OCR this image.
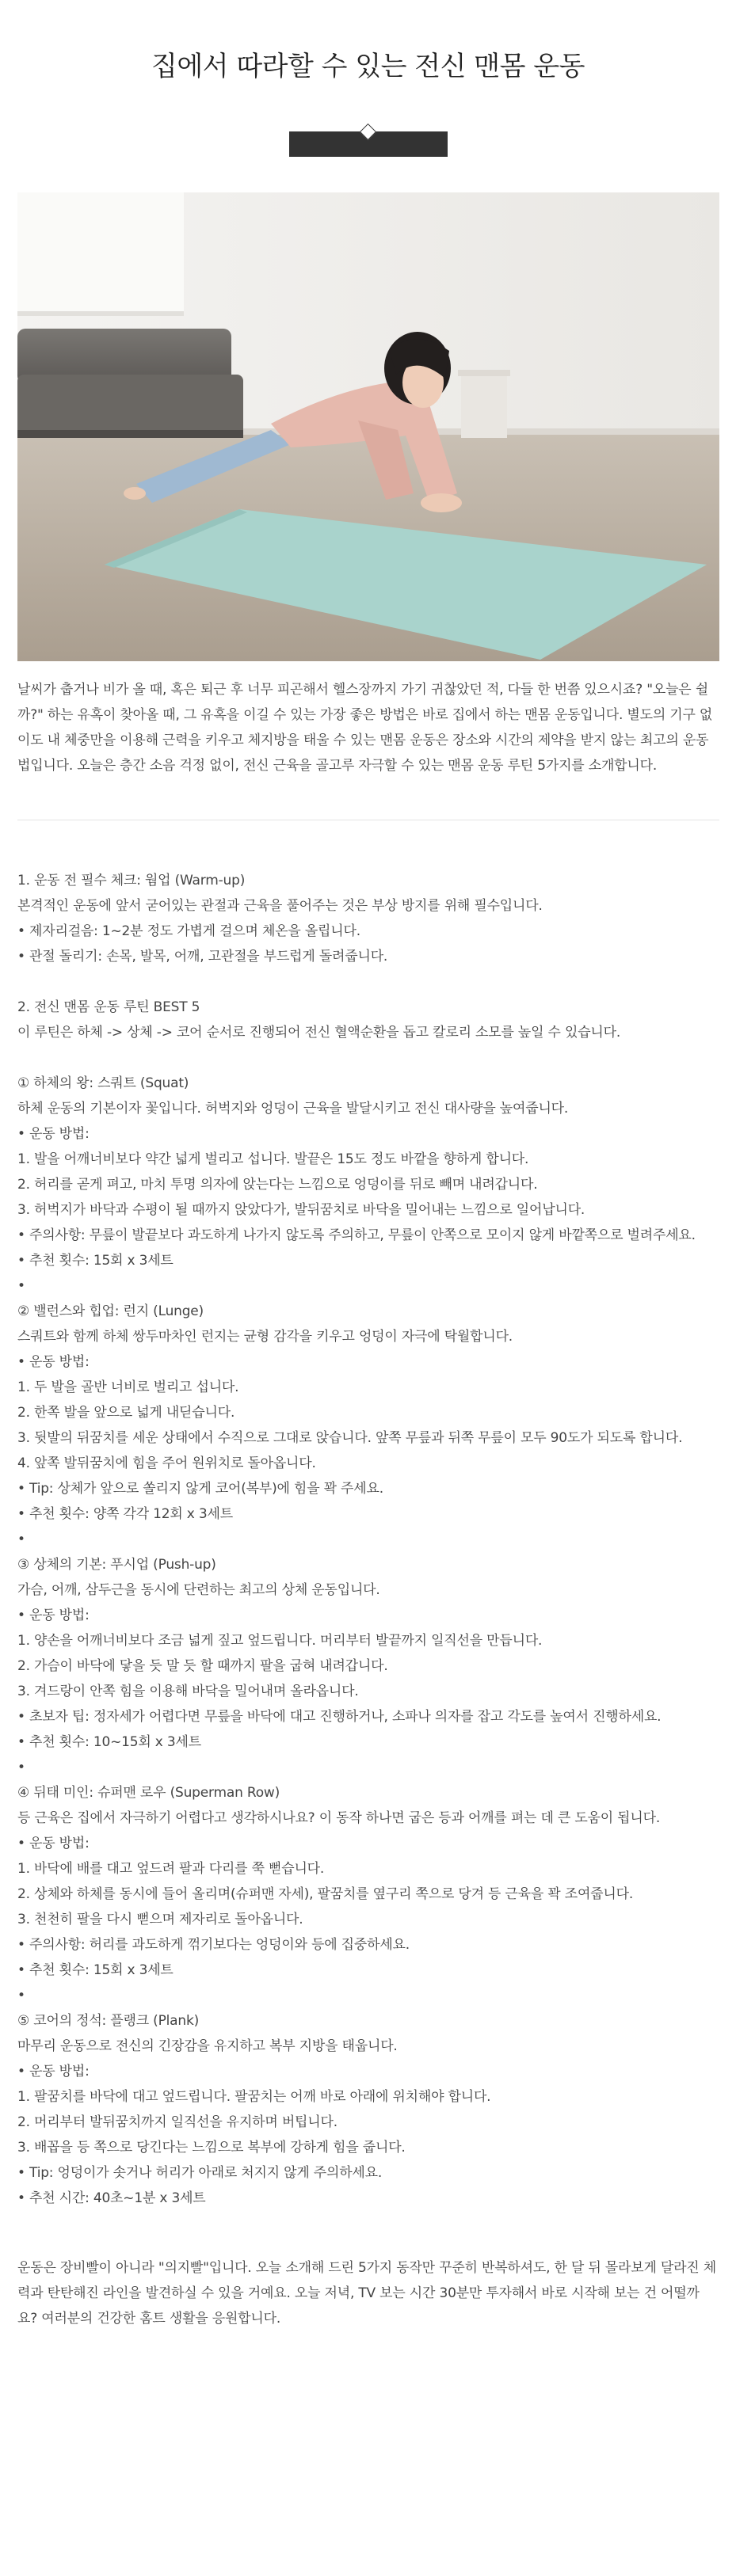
집에서 따라할 수 있는 전신 맨몸 운동

날씨가 춥거나 비가 올 때, 혹은 퇴근 후 너무 피곤해서 헬스장까지 가기 귀찮았던 적, 다들 한 번쯤 있으시죠? "오늘은 쉴까?" 하는 유혹이 찾아올 때, 그 유혹을 이길 수 있는 가장 좋은 방법은 바로 집에서 하는 맨몸 운동입니다. 별도의 기구 없이도 내 체중만을 이용해 근력을 키우고 체지방을 태울 수 있는 맨몸 운동은 장소와 시간의 제약을 받지 않는 최고의 운동법입니다. 오늘은 층간 소음 걱정 없이, 전신 근육을 골고루 자극할 수 있는 맨몸 운동 루틴 5가지를 소개합니다.

1. 운동 전 필수 체크: 웜업 (Warm-up)
본격적인 운동에 앞서 굳어있는 관절과 근육을 풀어주는 것은 부상 방지를 위해 필수입니다.
• 제자리걸음: 1~2분 정도 가볍게 걸으며 체온을 올립니다.
• 관절 돌리기: 손목, 발목, 어깨, 고관절을 부드럽게 돌려줍니다.
2. 전신 맨몸 운동 루틴 BEST 5
이 루틴은 하체 -> 상체 -> 코어 순서로 진행되어 전신 혈액순환을 돕고 칼로리 소모를 높일 수 있습니다.
① 하체의 왕: 스쿼트 (Squat)
하체 운동의 기본이자 꽃입니다. 허벅지와 엉덩이 근육을 발달시키고 전신 대사량을 높여줍니다.
• 운동 방법:
1. 발을 어깨너비보다 약간 넓게 벌리고 섭니다. 발끝은 15도 정도 바깥을 향하게 합니다.
2. 허리를 곧게 펴고, 마치 투명 의자에 앉는다는 느낌으로 엉덩이를 뒤로 빼며 내려갑니다.
3. 허벅지가 바닥과 수평이 될 때까지 앉았다가, 발뒤꿈치로 바닥을 밀어내는 느낌으로 일어납니다.
• 주의사항: 무릎이 발끝보다 과도하게 나가지 않도록 주의하고, 무릎이 안쪽으로 모이지 않게 바깥쪽으로 벌려주세요.
• 추천 횟수: 15회 x 3세트
•
② 밸런스와 힙업: 런지 (Lunge)
스쿼트와 함께 하체 쌍두마차인 런지는 균형 감각을 키우고 엉덩이 자극에 탁월합니다.
• 운동 방법:
1. 두 발을 골반 너비로 벌리고 섭니다.
2. 한쪽 발을 앞으로 넓게 내딛습니다.
3. 뒷발의 뒤꿈치를 세운 상태에서 수직으로 그대로 앉습니다. 앞쪽 무릎과 뒤쪽 무릎이 모두 90도가 되도록 합니다.
4. 앞쪽 발뒤꿈치에 힘을 주어 원위치로 돌아옵니다.
• Tip: 상체가 앞으로 쏠리지 않게 코어(복부)에 힘을 꽉 주세요.
• 추천 횟수: 양쪽 각각 12회 x 3세트
•
③ 상체의 기본: 푸시업 (Push-up)
가슴, 어깨, 삼두근을 동시에 단련하는 최고의 상체 운동입니다.
• 운동 방법:
1. 양손을 어깨너비보다 조금 넓게 짚고 엎드립니다. 머리부터 발끝까지 일직선을 만듭니다.
2. 가슴이 바닥에 닿을 듯 말 듯 할 때까지 팔을 굽혀 내려갑니다.
3. 겨드랑이 안쪽 힘을 이용해 바닥을 밀어내며 올라옵니다.
• 초보자 팁: 정자세가 어렵다면 무릎을 바닥에 대고 진행하거나, 소파나 의자를 잡고 각도를 높여서 진행하세요.
• 추천 횟수: 10~15회 x 3세트
•
④ 뒤태 미인: 슈퍼맨 로우 (Superman Row)
등 근육은 집에서 자극하기 어렵다고 생각하시나요? 이 동작 하나면 굽은 등과 어깨를 펴는 데 큰 도움이 됩니다.
• 운동 방법:
1. 바닥에 배를 대고 엎드려 팔과 다리를 쭉 뻗습니다.
2. 상체와 하체를 동시에 들어 올리며(슈퍼맨 자세), 팔꿈치를 옆구리 쪽으로 당겨 등 근육을 꽉 조여줍니다.
3. 천천히 팔을 다시 뻗으며 제자리로 돌아옵니다.
• 주의사항: 허리를 과도하게 꺾기보다는 엉덩이와 등에 집중하세요.
• 추천 횟수: 15회 x 3세트
•
⑤ 코어의 정석: 플랭크 (Plank)
마무리 운동으로 전신의 긴장감을 유지하고 복부 지방을 태웁니다.
• 운동 방법:
1. 팔꿈치를 바닥에 대고 엎드립니다. 팔꿈치는 어깨 바로 아래에 위치해야 합니다.
2. 머리부터 발뒤꿈치까지 일직선을 유지하며 버팁니다.
3. 배꼽을 등 쪽으로 당긴다는 느낌으로 복부에 강하게 힘을 줍니다.
• Tip: 엉덩이가 솟거나 허리가 아래로 처지지 않게 주의하세요.
• 추천 시간: 40초~1분 x 3세트

운동은 장비빨이 아니라 "의지빨"입니다. 오늘 소개해 드린 5가지 동작만 꾸준히 반복하셔도, 한 달 뒤 몰라보게 달라진 체력과 탄탄해진 라인을 발견하실 수 있을 거예요. 오늘 저녁, TV 보는 시간 30분만 투자해서 바로 시작해 보는 건 어떨까요? 여러분의 건강한 홈트 생활을 응원합니다.
